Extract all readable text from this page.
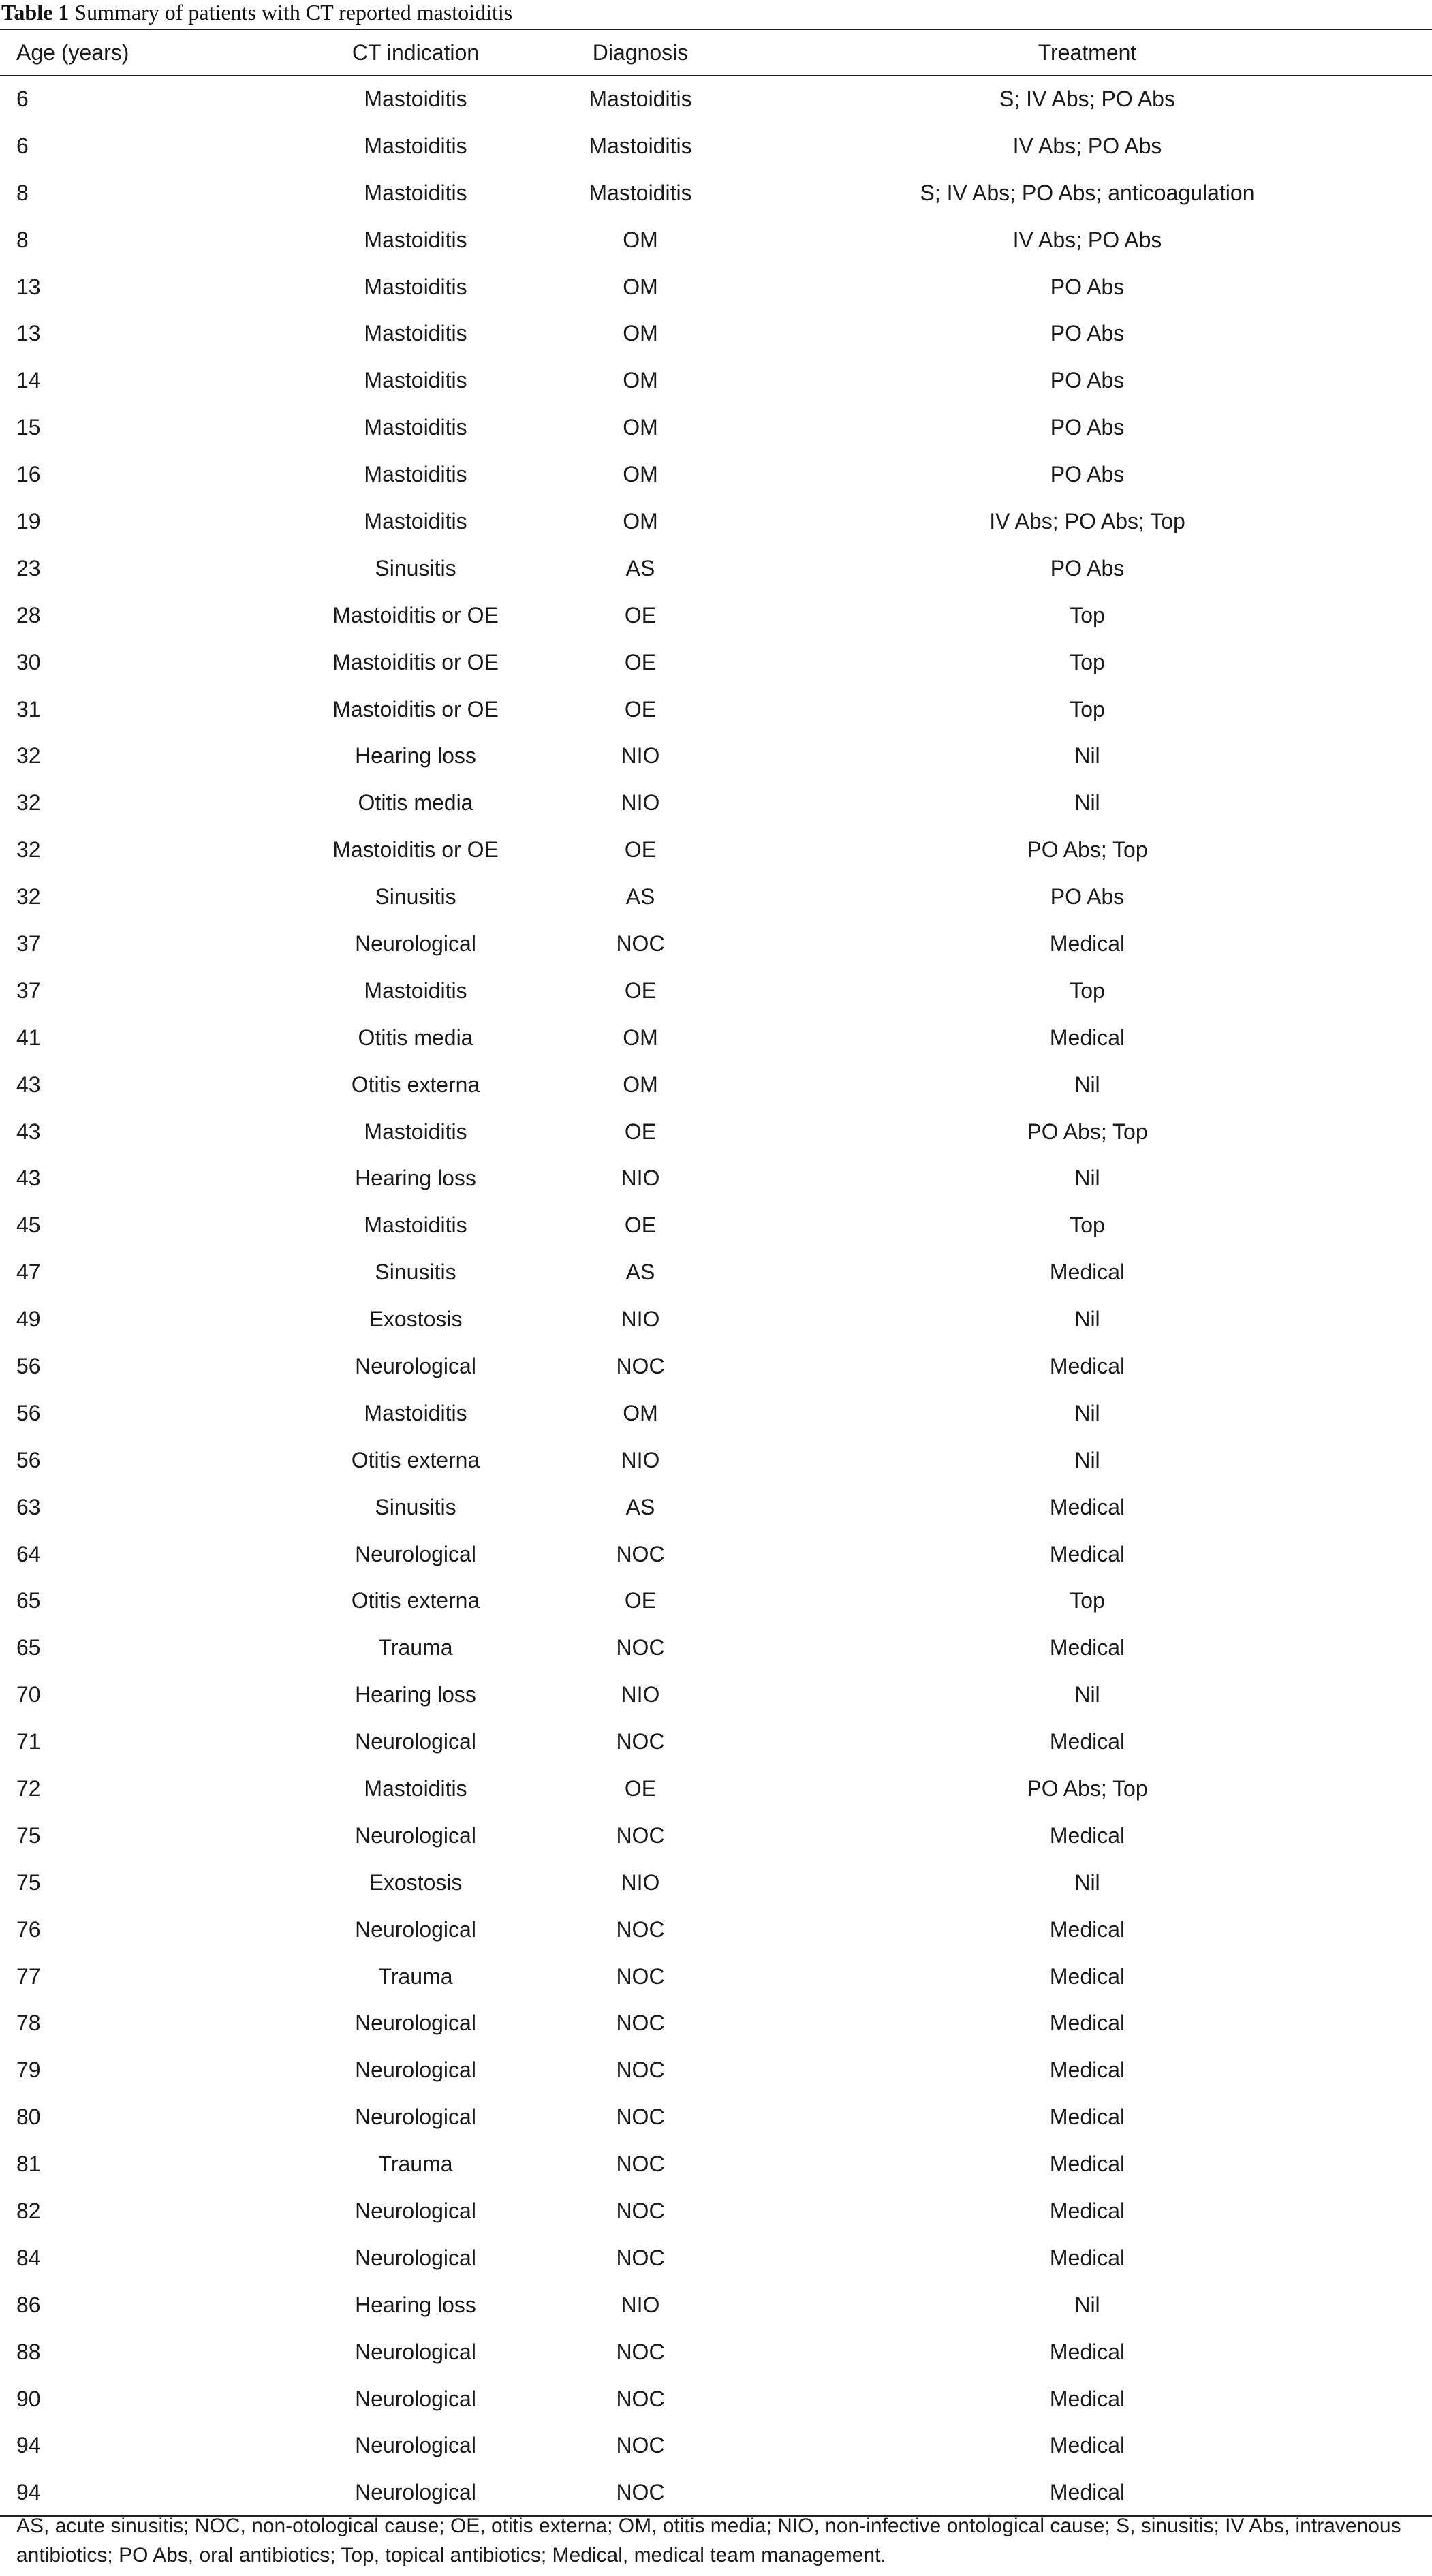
Table 1 Summary of patients with CT reported mastoiditis
Age (years)	CT indication	Diagnosis	Treatment
6	Mastoiditis	Mastoiditis	S; IV Abs; PO Abs
6	Mastoiditis	Mastoiditis	IV Abs; PO Abs
8	Mastoiditis	Mastoiditis	S; IV Abs; PO Abs; anticoagulation
8	Mastoiditis	OM	IV Abs; PO Abs
13	Mastoiditis	OM	PO Abs
13	Mastoiditis	OM	PO Abs
14	Mastoiditis	OM	PO Abs
15	Mastoiditis	OM	PO Abs
16	Mastoiditis	OM	PO Abs
19	Mastoiditis	OM	IV Abs; PO Abs; Top
23	Sinusitis	AS	PO Abs
28	Mastoiditis or OE	OE	Top
30	Mastoiditis or OE	OE	Top
31	Mastoiditis or OE	OE	Top
32	Hearing loss	NIO	Nil
32	Otitis media	NIO	Nil
32	Mastoiditis or OE	OE	PO Abs; Top
32	Sinusitis	AS	PO Abs
37	Neurological	NOC	Medical
37	Mastoiditis	OE	Top
41	Otitis media	OM	Medical
43	Otitis externa	OM	Nil
43	Mastoiditis	OE	PO Abs; Top
43	Hearing loss	NIO	Nil
45	Mastoiditis	OE	Top
47	Sinusitis	AS	Medical
49	Exostosis	NIO	Nil
56	Neurological	NOC	Medical
56	Mastoiditis	OM	Nil
56	Otitis externa	NIO	Nil
63	Sinusitis	AS	Medical
64	Neurological	NOC	Medical
65	Otitis externa	OE	Top
65	Trauma	NOC	Medical
70	Hearing loss	NIO	Nil
71	Neurological	NOC	Medical
72	Mastoiditis	OE	PO Abs; Top
75	Neurological	NOC	Medical
75	Exostosis	NIO	Nil
76	Neurological	NOC	Medical
77	Trauma	NOC	Medical
78	Neurological	NOC	Medical
79	Neurological	NOC	Medical
80	Neurological	NOC	Medical
81	Trauma	NOC	Medical
82	Neurological	NOC	Medical
84	Neurological	NOC	Medical
86	Hearing loss	NIO	Nil
88	Neurological	NOC	Medical
90	Neurological	NOC	Medical
94	Neurological	NOC	Medical
94	Neurological	NOC	Medical
AS, acute sinusitis; NOC, non-otological cause; OE, otitis externa; OM, otitis media; NIO, non-infective ontological cause; S, sinusitis; IV Abs, intravenous antibiotics; PO Abs, oral antibiotics; Top, topical antibiotics; Medical, medical team management.
